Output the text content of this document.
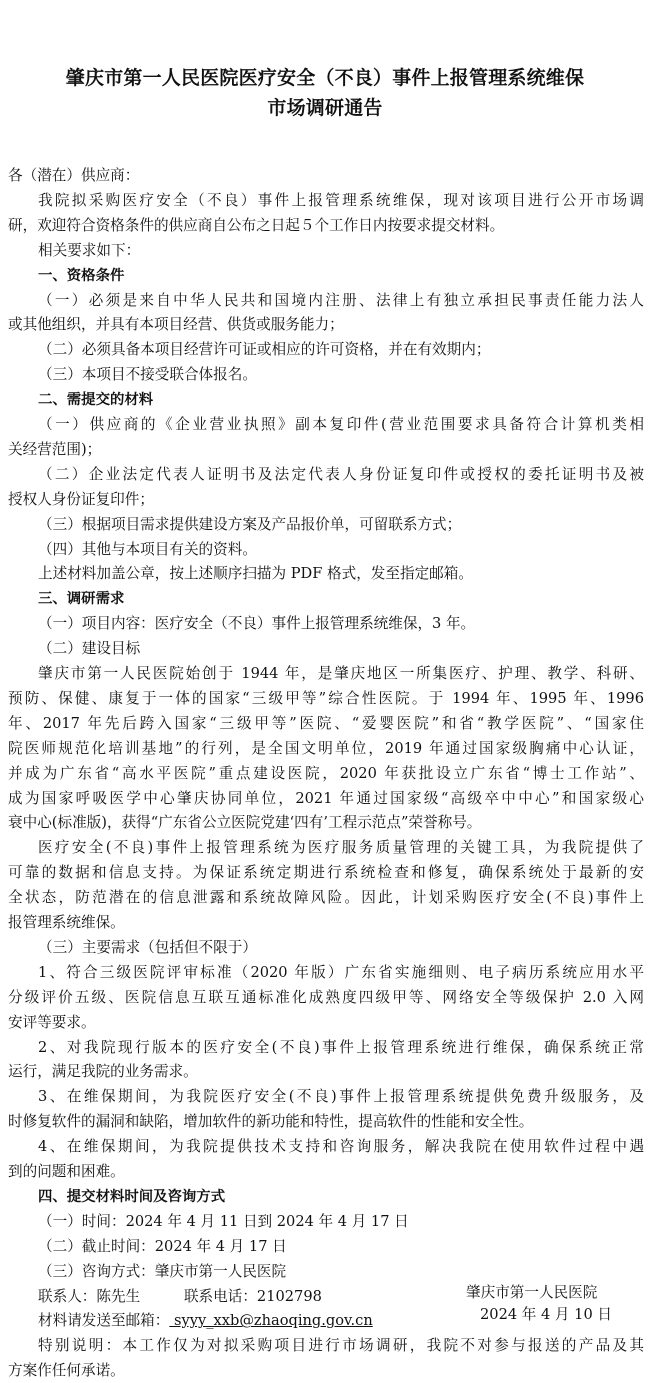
肇庆市第一人民医院医疗安全（不良）事件上报管理系统维保
市场调研通告
各（潜在）供应商：
我院拟采购医疗安全（不良）事件上报管理系统维保，现对该项目进行公开市场调
研，欢迎符合资格条件的供应商自公布之日起５个工作日内按要求提交材料。
相关要求如下：
一、资格条件
（一）必须是来自中华人民共和国境内注册、法律上有独立承担民事责任能力法人
或其他组织，并具有本项目经营、供货或服务能力；
（二）必须具备本项目经营许可证或相应的许可资格，并在有效期内；
（三）本项目不接受联合体报名。
二、需提交的材料
（一）供应商的《企业营业执照》副本复印件(营业范围要求具备符合计算机类相
关经营范围)；
（二）企业法定代表人证明书及法定代表人身份证复印件或授权的委托证明书及被
授权人身份证复印件；
（三）根据项目需求提供建设方案及产品报价单，可留联系方式；
（四）其他与本项目有关的资料。
上述材料加盖公章，按上述顺序扫描为 PDF 格式，发至指定邮箱。
三、调研需求
（一）项目内容：医疗安全（不良）事件上报管理系统维保，3 年。
（二）建设目标
肇庆市第一人民医院始创于 1944 年，是肇庆地区一所集医疗、护理、教学、科研、
预防、保健、康复于一体的国家“三级甲等”综合性医院。于 1994 年、1995 年、1996
年、2017 年先后跨入国家“三级甲等”医院、“爱婴医院”和省“教学医院”、“国家住
院医师规范化培训基地”的行列，是全国文明单位，2019 年通过国家级胸痛中心认证，
并成为广东省“高水平医院”重点建设医院，2020 年获批设立广东省“博士工作站”、
成为国家呼吸医学中心肇庆协同单位，2021 年通过国家级“高级卒中中心”和国家级心
衰中心(标准版)，获得“广东省公立医院党建‘四有’工程示范点”荣誉称号。
医疗安全(不良)事件上报管理系统为医疗服务质量管理的关键工具，为我院提供了
可靠的数据和信息支持。为保证系统定期进行系统检查和修复，确保系统处于最新的安
全状态，防范潜在的信息泄露和系统故障风险。因此，计划采购医疗安全(不良)事件上
报管理系统维保。
（三）主要需求（包括但不限于）
1、符合三级医院评审标准（2020 年版）广东省实施细则、电子病历系统应用水平
分级评价五级、医院信息互联互通标准化成熟度四级甲等、网络安全等级保护 2.0 入网
安评等要求。
2、对我院现行版本的医疗安全(不良)事件上报管理系统进行维保，确保系统正常
运行，满足我院的业务需求。
3、在维保期间，为我院医疗安全(不良)事件上报管理系统提供免费升级服务，及
时修复软件的漏洞和缺陷，增加软件的新功能和特性，提高软件的性能和安全性。
4、在维保期间，为我院提供技术支持和咨询服务，解决我院在使用软件过程中遇
到的问题和困难。
四、提交材料时间及咨询方式
（一）时间：2024 年 4 月 11 日到 2024 年 4 月 17 日
（二）截止时间：2024 年 4 月 17 日
（三）咨询方式：肇庆市第一人民医院
联系人：陈先生　　　联系电话：2102798
材料请发送至邮箱： syyy_xxb@zhaoqing.gov.cn
特别说明：本工作仅为对拟采购项目进行市场调研，我院不对参与报送的产品及其
方案作任何承诺。
肇庆市第一人民医院
2024 年 4 月 10 日
